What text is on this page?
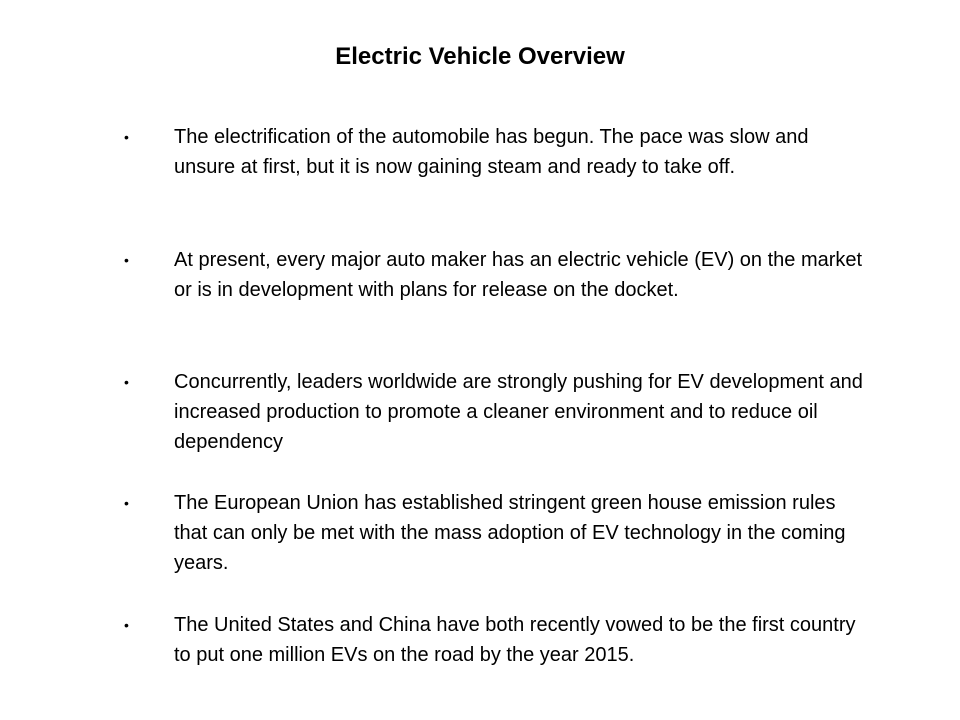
Electric Vehicle Overview
• The electrification of the automobile has begun. The pace was slow and unsure at first, but it is now gaining steam and ready to take off.
• At present, every major auto maker has an electric vehicle (EV) on the market or is in development with plans for release on the docket.
• Concurrently, leaders worldwide are strongly pushing for EV development and increased production to promote a cleaner environment and to reduce oil dependency
• The European Union has established stringent green house emission rules that can only be met with the mass adoption of EV technology in the coming years.
• The United States and China have both recently vowed to be the first country to put one million EVs on the road by the year 2015.
